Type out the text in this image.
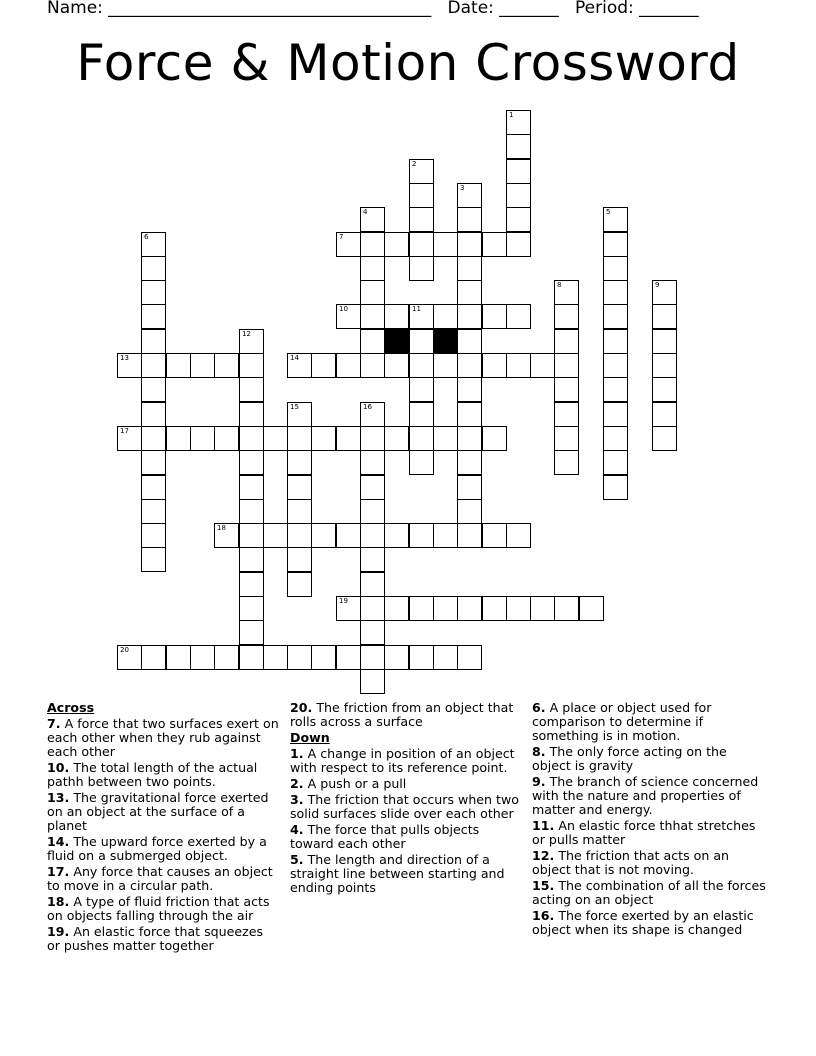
Name: ______________________________________ Date: _______ Period: _______
Force & Motion Crossword
7
10	11
13	14
17
18
19
20
1
2
3
4	5
6
8	9
12
15	16
Across

7. A force that two surfaces exert on each other when they rub against each other

10. The total length of the actual pathh between two points.

13. The gravitational force exerted on an object at the surface of a planet

14. The upward force exerted by a fluid on a submerged object.

17. Any force that causes an object to move in a circular path.

18. A type of fluid friction that acts on objects falling through the air

19. An elastic force that squeezes or pushes matter together

20. The friction from an object that rolls across a surface

Down

1. A change in position of an object with respect to its reference point.

2. A push or a pull

3. The friction that occurs when two solid surfaces slide over each other

4. The force that pulls objects toward each other

5. The length and direction of a straight line between starting and ending points

6. A place or object used for comparison to determine if something is in motion.

8. The only force acting on the object is gravity

9. The branch of science concerned with the nature and properties of matter and energy.

11. An elastic force thhat stretches or pulls matter

12. The friction that acts on an object that is not moving.

15. The combination of all the forces acting on an object

16. The force exerted by an elastic object when its shape is changed
